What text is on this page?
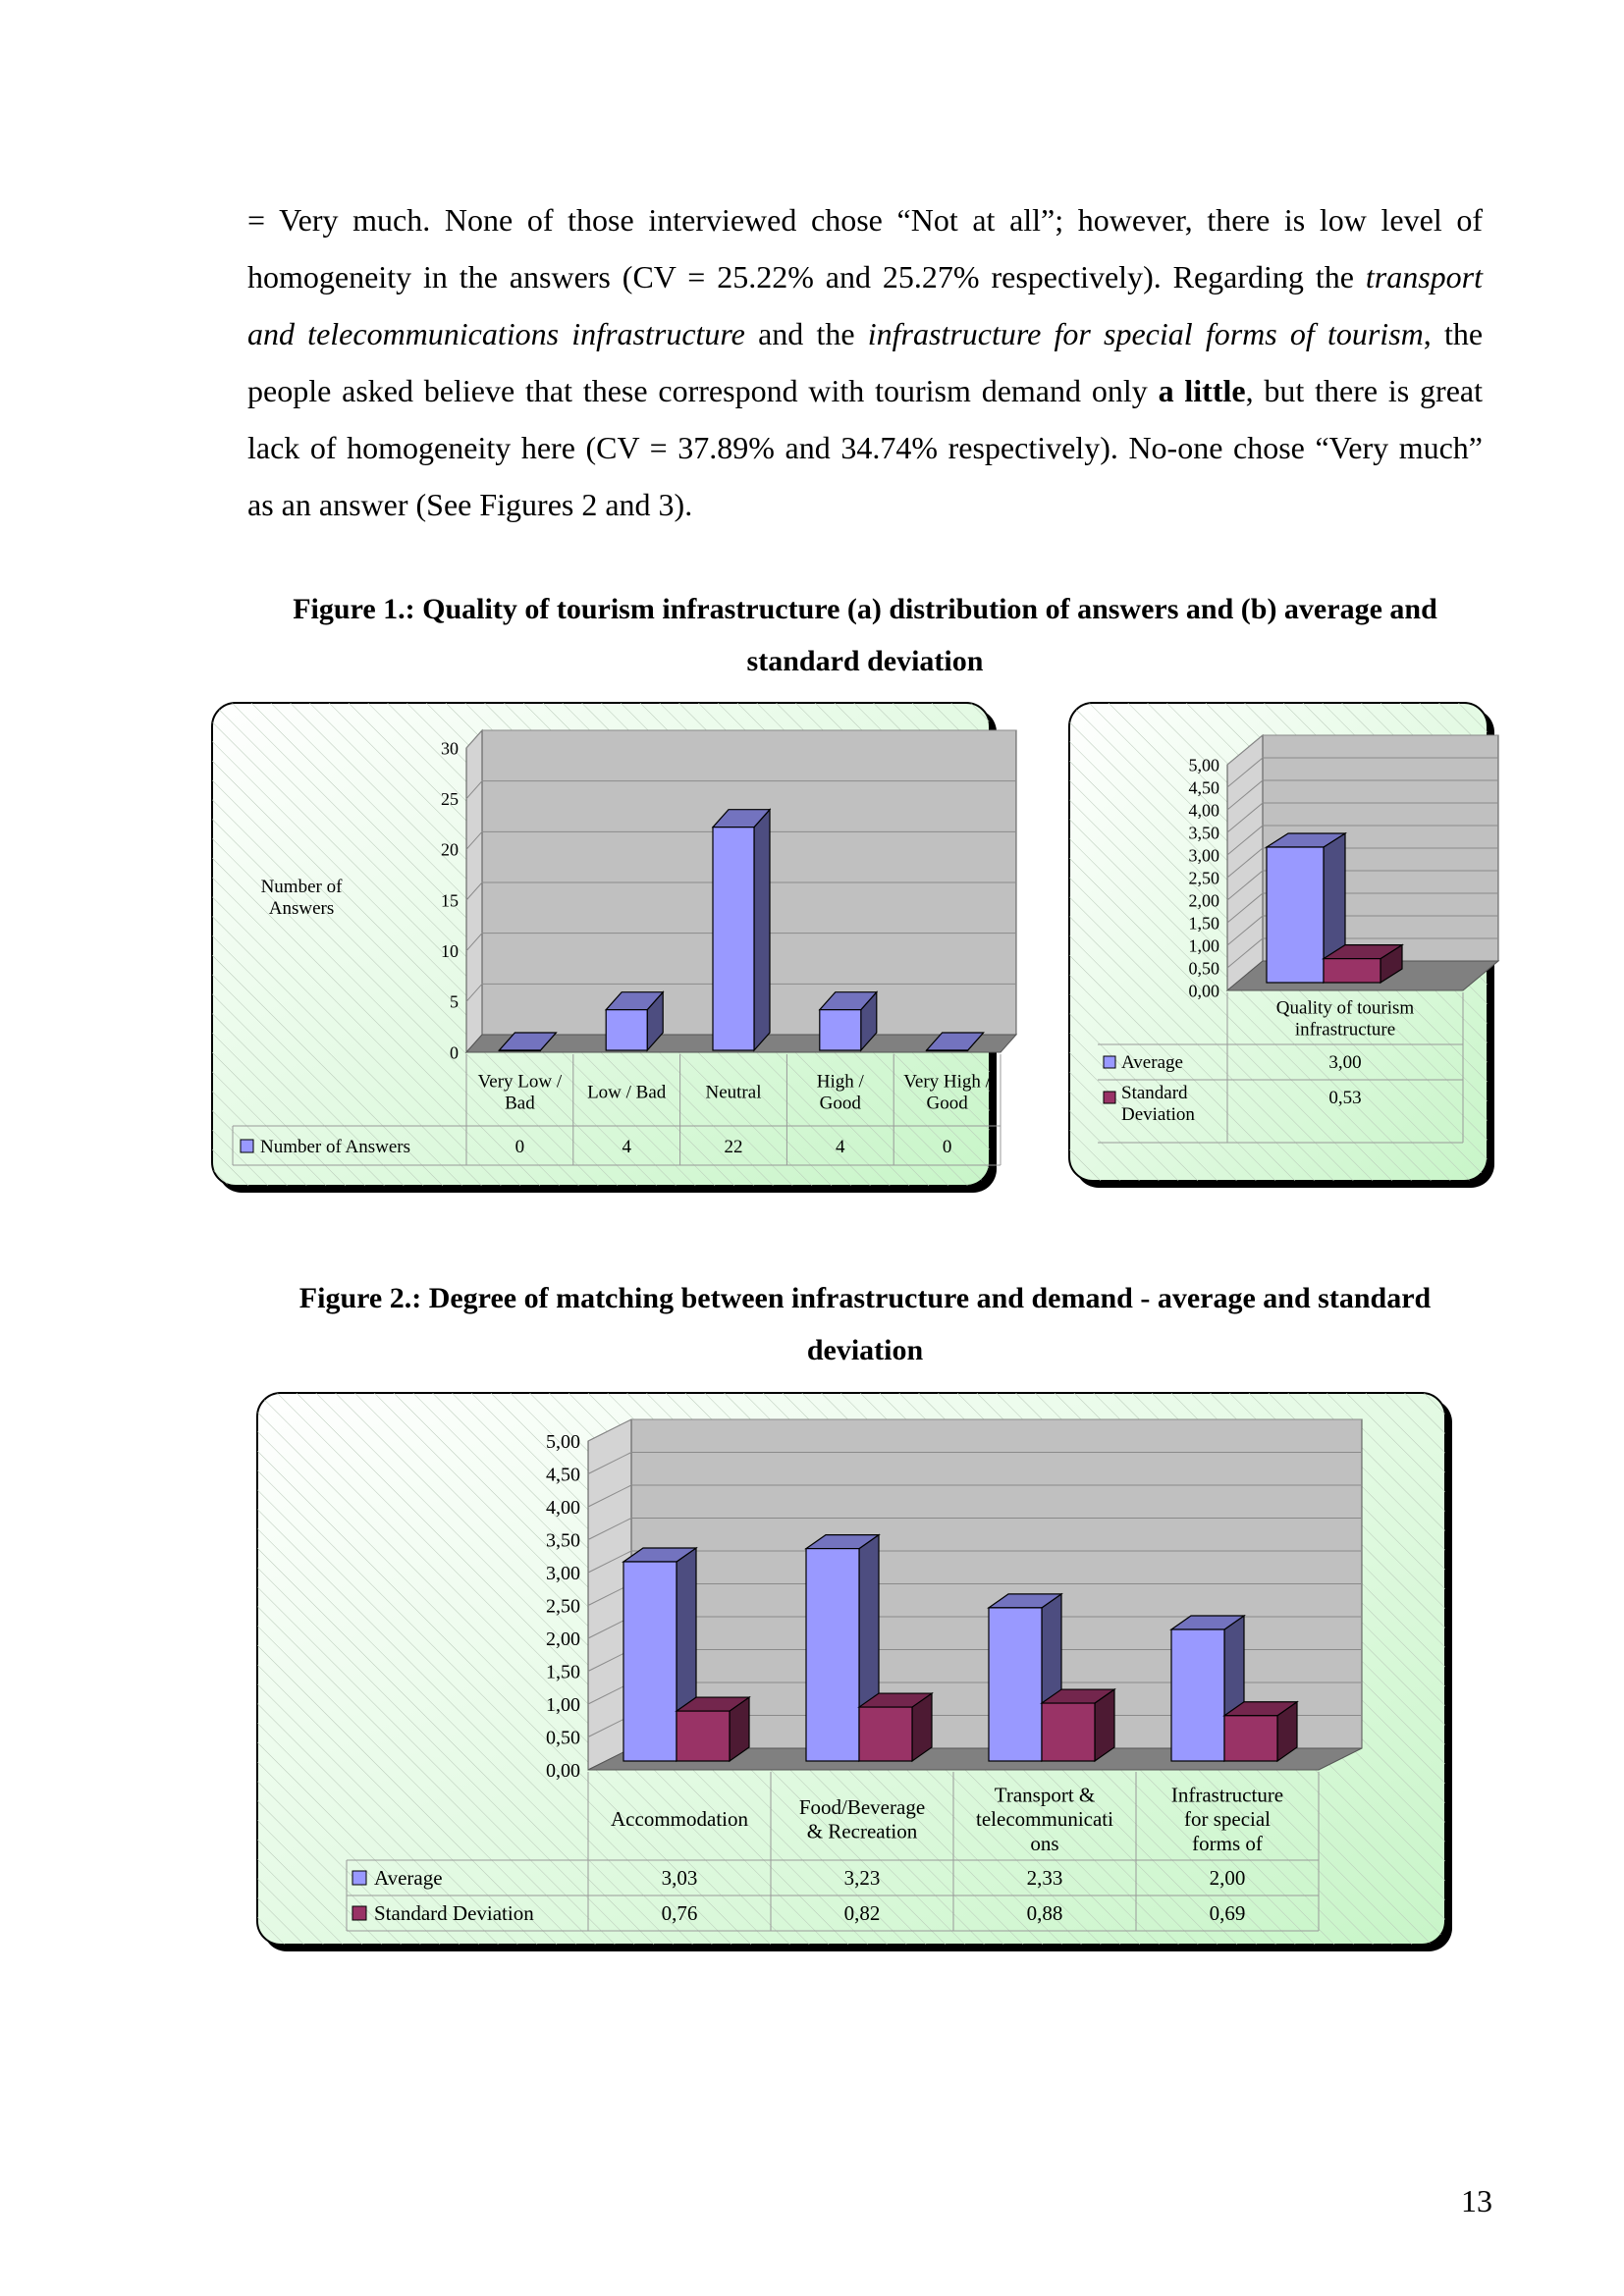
= Very much. None of those interviewed chose “Not at all”; however, there is low level of homogeneity in the answers (CV = 25.22% and 25.27% respectively). Regarding the transport and telecommunications infrastructure and the infrastructure for special forms of tourism, the people asked believe that these correspond with tourism demand only a little, but there is great lack of homogeneity here (CV = 37.89% and 34.74% respectively). No-one chose “Very much” as an answer (See Figures 2 and 3).

Figure 1.: Quality of tourism infrastructure (a) distribution of answers and (b) average and
standard deviation
0
5
10
15
20
25
30
Number of Answers
Very Low / Bad
0
Low / Bad
4
Neutral
22
High / Good
4
Very High / Good
0
Number of Answers
0,00
0,50
1,00
1,50
2,00
2,50
3,00
3,50
4,00
4,50
5,00
Quality of tourism infrastructure
Average	3,00
Standard Deviation
0,53
Figure 2.: Degree of matching between infrastructure and demand - average and standard
deviation
0,00
0,50
1,00
1,50
2,00
2,50
3,00
3,50
4,00
4,50
5,00
Accommodation
3,03
0,76
Food/Beverage & Recreation
3,23
0,82
Transport & telecommunicati ons
2,33
0,88
Infrastructure for special forms of
2,00
0,69
Average
Standard Deviation
13
